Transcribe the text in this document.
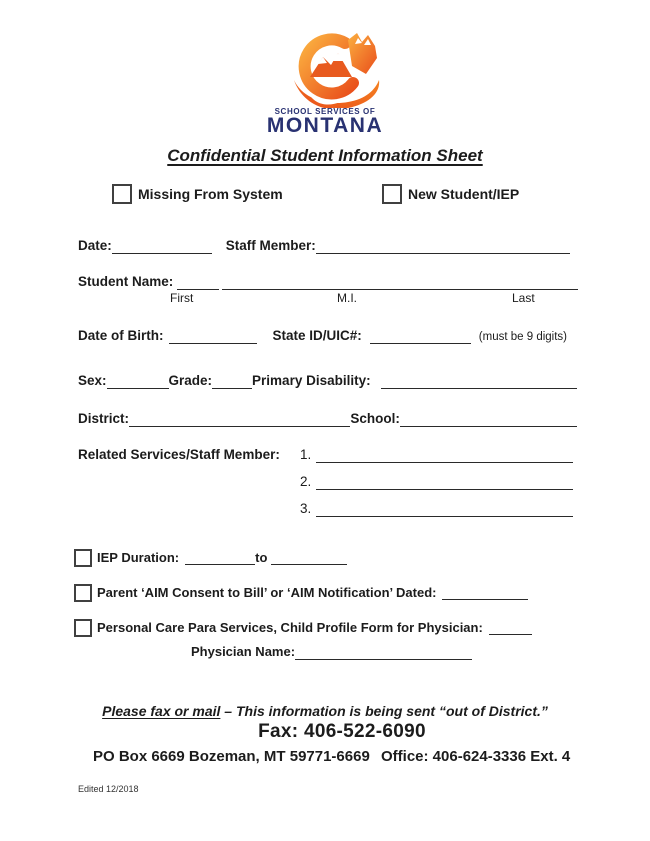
SCHOOL SERVICES OF
MONTANA
Confidential Student Information Sheet
Missing From System	New Student/IEP
Date:	Staff Member:
Student Name:
First	M.I.	Last
Date of Birth:	State ID/UIC#:	(must be 9 digits)
Sex:	Grade:	Primary Disability:
District:	School:
Related Services/Staff Member: 1.
2.
3.
IEP Duration:	to
Parent ‘AIM Consent to Bill’ or ‘AIM Notification’ Dated:
Personal Care Para Services, Child Profile Form for Physician:
Physician Name:
Please fax or mail – This information is being sent “out of District.”
Fax: 406-522-6090
PO Box 6669 Bozeman, MT 59771-6669 Office: 406-624-3336 Ext. 4
Edited 12/2018
